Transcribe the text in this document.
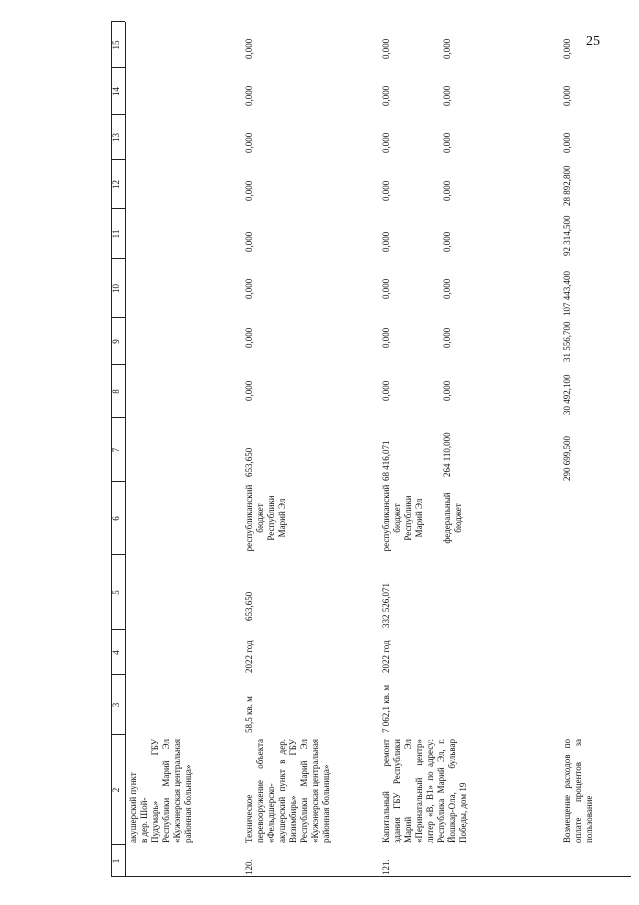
25
1
2
3
4
5
6
7
8
9
10
11
12
13
14
15
акушерский пункт
в дер. Шой-
Пудумарь» ГБУ Республики Марий Эл «Кужэнерская центральная районная больница»
120.
Техническое перевооружение объекта «Фельдшерско-акушерский пункт в дер. Визимбирь» ГБУ Республики Марий Эл «Кужэнерская центральная районная больница»
58,5 кв. м
2022 год
653,650
республиканский бюджет Республики Марий Эл
653,650
0,000
0,000
0,000
0,000
0,000
0,000
0,000
0,000
121.
Капитальный ремонт здания ГБУ Республики Марий Эл «Перинатальный центр» литер «В, В1» по адресу: Республика Марий Эл, г. Йошкар-Ола, бульвар Победы, дом 19
7 062,1 кв. м
2022 год
332 526,071
республиканский бюджет Республики Марий Эл
68 416,071
0,000
0,000
0,000
0,000
0,000
0,000
0,000
0,000
федеральный бюджет
264 110,000
0,000
0,000
0,000
0,000
0,000
0,000
0,000
0,000
Возмещение расходов по оплате процентов за пользование
290 699,500
30 492,100
31 556,700
107 443,400
92 314,500
28 892,800
0,000
0,000
0,000
